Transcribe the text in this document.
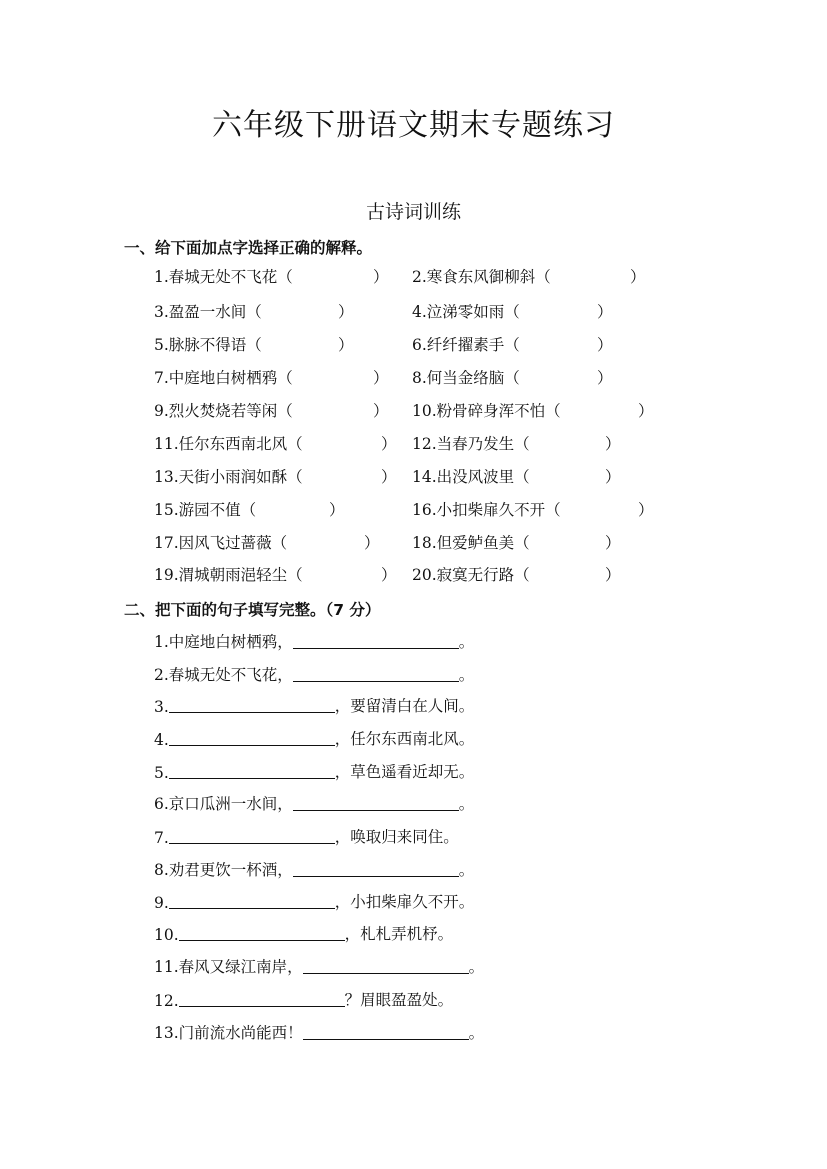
六年级下册语文期末专题练习
古诗词训练
一、给下面加点字选择正确的解释。
1.春城无处不飞花（	） 2.寒食东风御柳斜（	）
3.盈盈一水间（	）	4.泣涕零如雨（	）
5.脉脉不得语（	）	6.纤纤擢素手（	）
7.中庭地白树栖鸦（	） 8.何当金络脑（	）
9.烈火焚烧若等闲（	） 10.粉骨碎身浑不怕（	）
11.任尔东西南北风（	） 12.当春乃发生（	）
13.天街小雨润如酥（	） 14.出没风波里（	）
15.游园不值（	）	16.小扣柴扉久不开（	）
17.因风飞过蔷薇（	） 18.但爱鲈鱼美（	）
19.渭城朝雨浥轻尘（	） 20.寂寞无行路（	）
二、把下面的句子填写完整。（7 分）
1.中庭地白树栖鸦，	。
2.春城无处不飞花，	。
3.	，要留清白在人间。
4.	，任尔东西南北风。
5.	，草色遥看近却无。
6.京口瓜洲一水间，	。
7.	，唤取归来同住。
8.劝君更饮一杯酒，	。
9.	，小扣柴扉久不开。
10.	，札札弄机杼。
11.春风又绿江南岸，	。
12.	？眉眼盈盈处。
13.门前流水尚能西！	。
